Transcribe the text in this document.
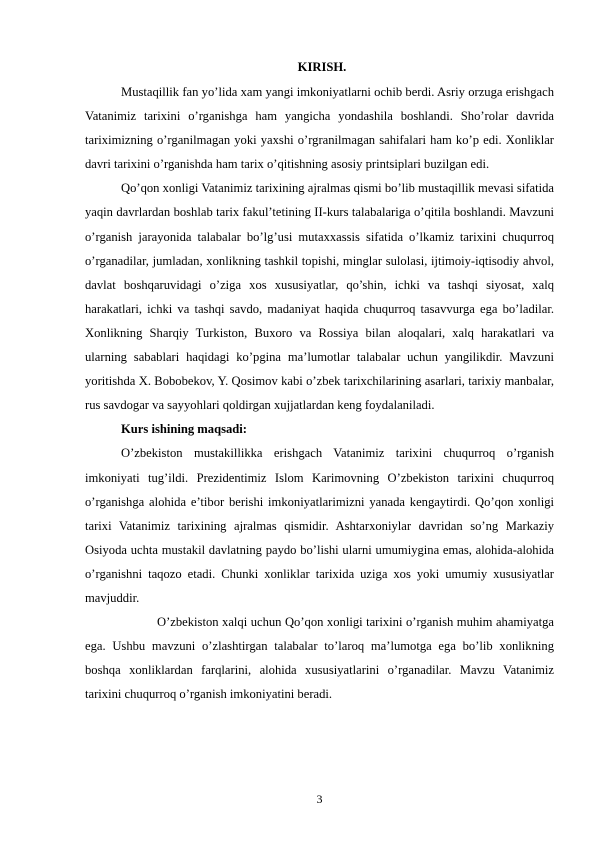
KIRISH.

Mustaqillik fan yo’lida xam yangi imkoniyatlarni ochib berdi. Asriy orzuga erishgach Vatanimiz tarixini o’rganishga ham yangicha yondashila boshlandi. Sho’rolar davrida tariximizning o’rganilmagan yoki yaxshi o’rgranilmagan sahifalari ham ko’p edi. Xonliklar davri tarixini o’rganishda ham tarix o’qitishning asosiy printsiplari buzilgan edi.

Qo’qon xonligi Vatanimiz tarixining ajralmas qismi bo’lib mustaqillik mevasi sifatida yaqin davrlardan boshlab tarix fakul’tetining II-kurs talabalariga o’qitila boshlandi. Mavzuni o’rganish jarayonida talabalar bo’lg’usi mutaxxassis sifatida o’lkamiz tarixini chuqurroq o’rganadilar, jumladan, xonlikning tashkil topishi, minglar sulolasi, ijtimoiy-iqtisodiy ahvol, davlat boshqaruvidagi o’ziga xos xususiyatlar, qo’shin, ichki va tashqi siyosat, xalq harakatlari, ichki va tashqi savdo, madaniyat haqida chuqurroq tasavvurga ega bo’ladilar. Xonlikning Sharqiy Turkiston, Buxoro va Rossiya bilan aloqalari, xalq harakatlari va ularning sabablari haqidagi ko’pgina ma’lumotlar talabalar uchun yangilikdir. Mavzuni yoritishda X. Bobobekov, Y. Qosimov kabi o’zbek tarixchilarining asarlari, tarixiy manbalar, rus savdogar va sayyohlari qoldirgan xujjatlardan keng foydalaniladi.

Kurs ishining maqsadi:

O’zbekiston mustakillikka erishgach Vatanimiz tarixini chuqurroq o’rganish imkoniyati tug’ildi. Prezidentimiz Islom Karimovning O’zbekiston tarixini chuqurroq o’rganishga alohida e’tibor berishi imkoniyatlarimizni yanada kengaytirdi. Qo’qon xonligi tarixi Vatanimiz tarixining ajralmas qismidir. Ashtarxoniylar davridan so’ng Markaziy Osiyoda uchta mustakil davlatning paydo bo’lishi ularni umumiygina emas, alohida-alohida o’rganishni taqozo etadi. Chunki xonliklar tarixida uziga xos yoki umumiy xususiyatlar mavjuddir.

O’zbekiston xalqi uchun Qo’qon xonligi tarixini o’rganish muhim ahamiyatga ega. Ushbu mavzuni o’zlashtirgan talabalar to’laroq ma’lumotga ega bo’lib xonlikning boshqa xonliklardan farqlarini, alohida xususiyatlarini o’rganadilar. Mavzu Vatanimiz tarixini chuqurroq o’rganish imkoniyatini beradi.

3
